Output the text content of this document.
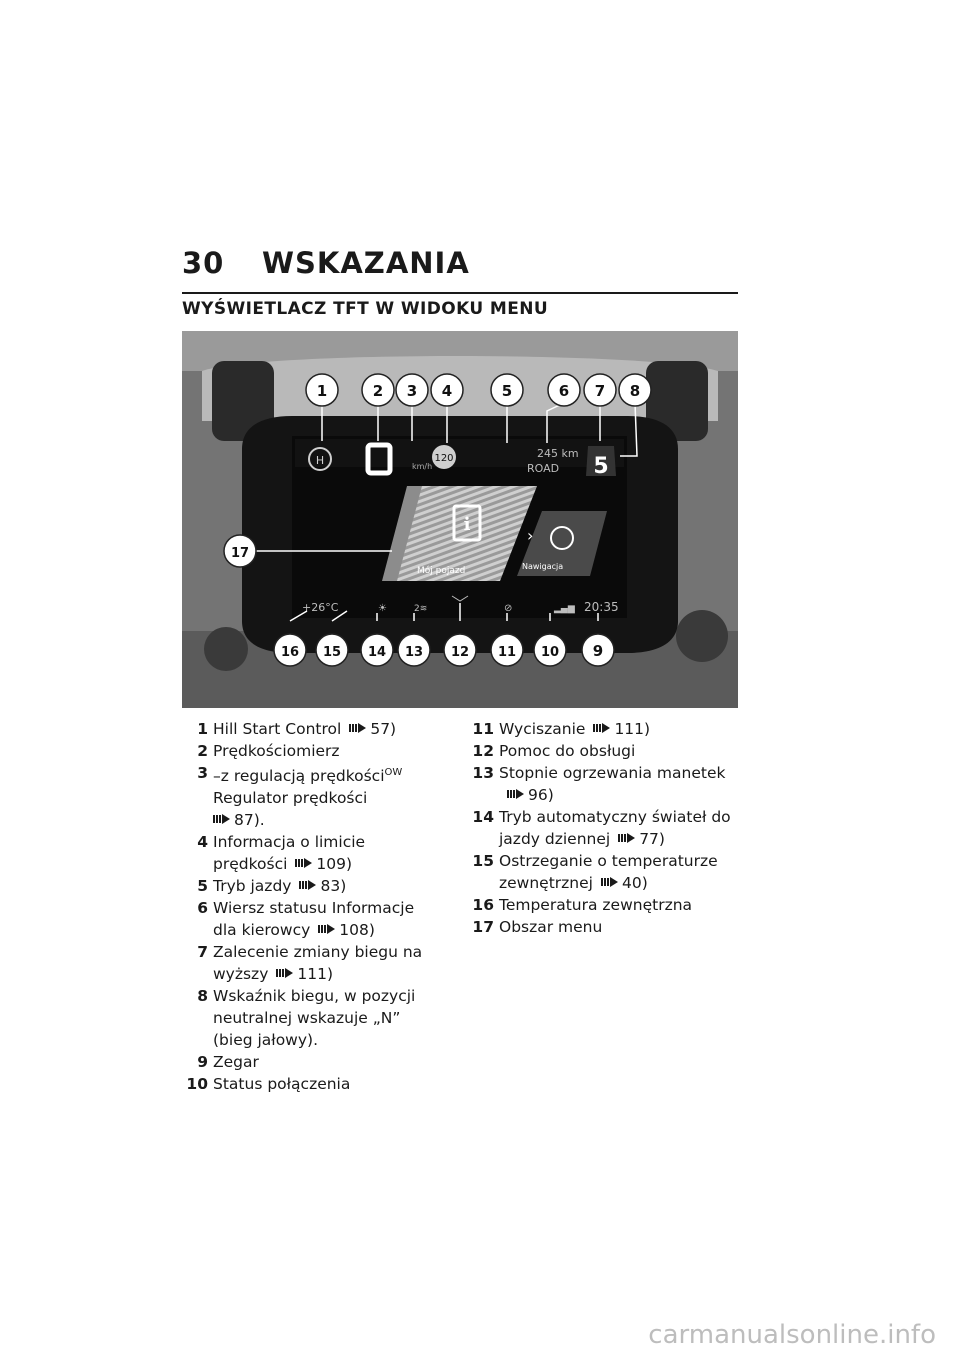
30	WSKAZANIA
WYŚWIETLACZ TFT W WIDOKU MENU
H	km/h
120	245 km
ROAD 5
i
Mój pojazd
›
Nawigacja
+26°C	20:35
☀	2≋	⊘	▂▄▆
1	2 3 4	5	6 7 8
9
10
11
12
13
14
15
16
17
1 Hill Start Control 57)
2 Prędkościomierz
3 –z regulacją prędkości$^{OW}$
Regulator prędkości
87).
4 Informacja o limicie prędkości 109)
5 Tryb jazdy 83)
6 Wiersz statusu Informacje dla kierowcy 108)
7 Zalecenie zmiany biegu na wyższy 111)
8 Wskaźnik biegu, w pozycji neutralnej wskazuje „N” (bieg jałowy).
9 Zegar
10 Status połączenia
11 Wyciszanie 111)
12 Pomoc do obsługi
13 Stopnie ogrzewania manetek96)
14 Tryb automatyczny świateł do jazdy dziennej 77)
15 Ostrzeganie o temperaturze zewnętrznej 40)
16 Temperatura zewnętrzna
17 Obszar menu
carmanualsonline.info
